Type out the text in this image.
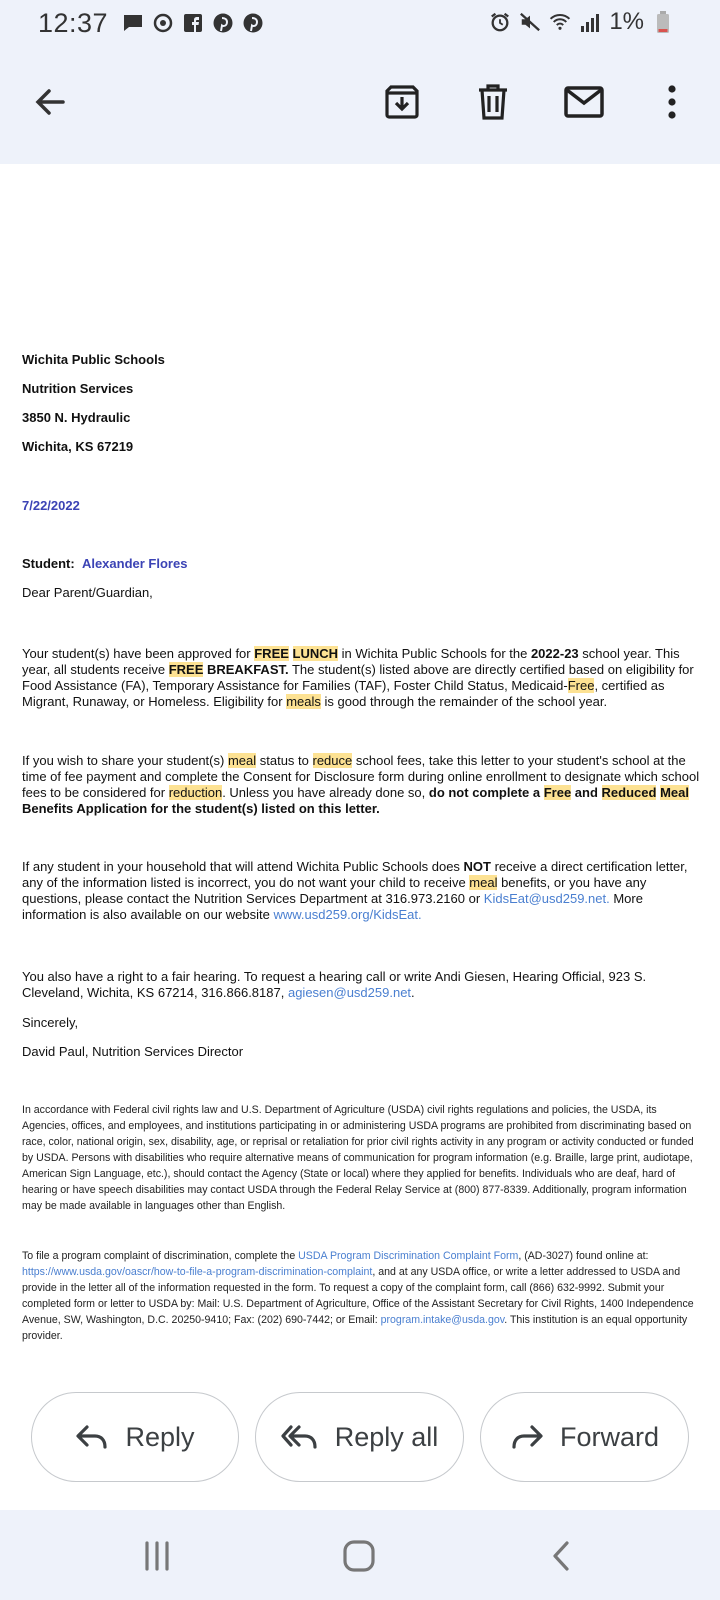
12:37	1%
Wichita Public Schools
Nutrition Services
3850 N. Hydraulic
Wichita, KS 67219
7/22/2022
Student: Alexander Flores
Dear Parent/Guardian,
Your student(s) have been approved for FREE LUNCH in Wichita Public Schools for the 2022-23 school year. This year, all students receive FREE BREAKFAST. The student(s) listed above are directly certified based on eligibility for Food Assistance (FA), Temporary Assistance for Families (TAF), Foster Child Status, Medicaid-Free, certified as Migrant, Runaway, or Homeless. Eligibility for meals is good through the remainder of the school year.
If you wish to share your student(s) meal status to reduce school fees, take this letter to your student's school at the time of fee payment and complete the Consent for Disclosure form during online enrollment to designate which school fees to be considered for reduction. Unless you have already done so, do not complete a Free and Reduced Meal Benefits Application for the student(s) listed on this letter.
If any student in your household that will attend Wichita Public Schools does NOT receive a direct certification letter, any of the information listed is incorrect, you do not want your child to receive meal benefits, or you have any questions, please contact the Nutrition Services Department at 316.973.2160 or KidsEat@usd259.net. More information is also available on our website www.usd259.org/KidsEat.
You also have a right to a fair hearing. To request a hearing call or write Andi Giesen, Hearing Official, 923 S. Cleveland, Wichita, KS 67214, 316.866.8187, agiesen@usd259.net.
Sincerely,
David Paul, Nutrition Services Director
In accordance with Federal civil rights law and U.S. Department of Agriculture (USDA) civil rights regulations and policies, the USDA, its Agencies, offices, and employees, and institutions participating in or administering USDA programs are prohibited from discriminating based on race, color, national origin, sex, disability, age, or reprisal or retaliation for prior civil rights activity in any program or activity conducted or funded by USDA. Persons with disabilities who require alternative means of communication for program information (e.g. Braille, large print, audiotape, American Sign Language, etc.), should contact the Agency (State or local) where they applied for benefits. Individuals who are deaf, hard of hearing or have speech disabilities may contact USDA through the Federal Relay Service at (800) 877-8339. Additionally, program information may be made available in languages other than English.
To file a program complaint of discrimination, complete the USDA Program Discrimination Complaint Form, (AD-3027) found online at: https://www.usda.gov/oascr/how-to-file-a-program-discrimination-complaint, and at any USDA office, or write a letter addressed to USDA and provide in the letter all of the information requested in the form. To request a copy of the complaint form, call (866) 632-9992. Submit your completed form or letter to USDA by: Mail: U.S. Department of Agriculture, Office of the Assistant Secretary for Civil Rights, 1400 Independence Avenue, SW, Washington, D.C. 20250-9410; Fax: (202) 690-7442; or Email: program.intake@usda.gov. This institution is an equal opportunity provider.
Reply	Reply all	Forward
